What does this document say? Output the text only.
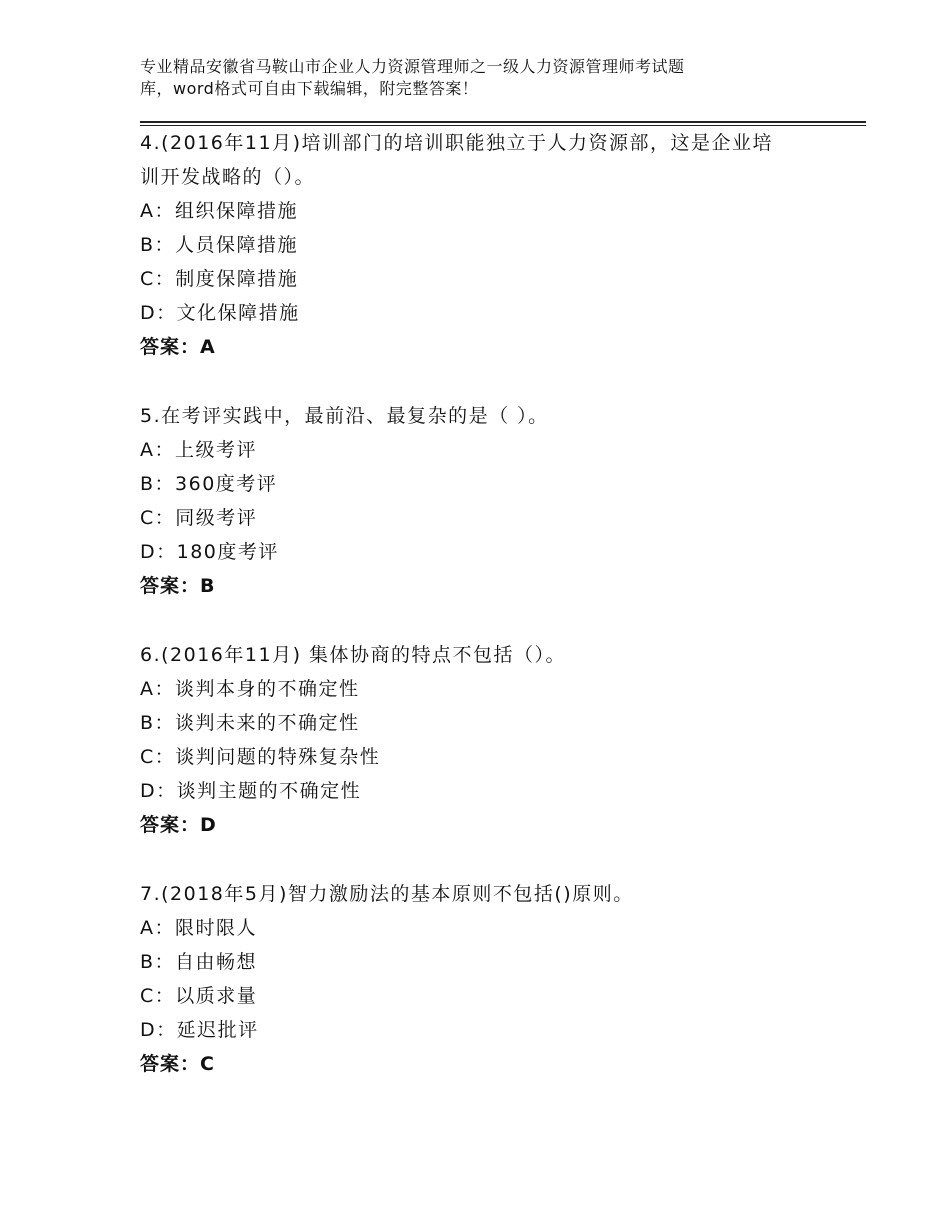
专业精品安徽省马鞍山市企业人力资源管理师之一级人力资源管理师考试题
库，word格式可自由下载编辑，附完整答案！
4.(2016年11月)培训部门的培训职能独立于人力资源部，这是企业培
训开发战略的（）。
A：组织保障措施
B：人员保障措施
C：制度保障措施
D：文化保障措施
答案：A
5.在考评实践中，最前沿、最复杂的是（ ）。
A：上级考评
B：360度考评
C：同级考评
D：180度考评
答案：B
6.(2016年11月) 集体协商的特点不包括（）。
A：谈判本身的不确定性
B：谈判未来的不确定性
C：谈判问题的特殊复杂性
D：谈判主题的不确定性
答案：D
7.(2018年5月)智力激励法的基本原则不包括()原则。
A：限时限人
B：自由畅想
C：以质求量
D：延迟批评
答案：C
